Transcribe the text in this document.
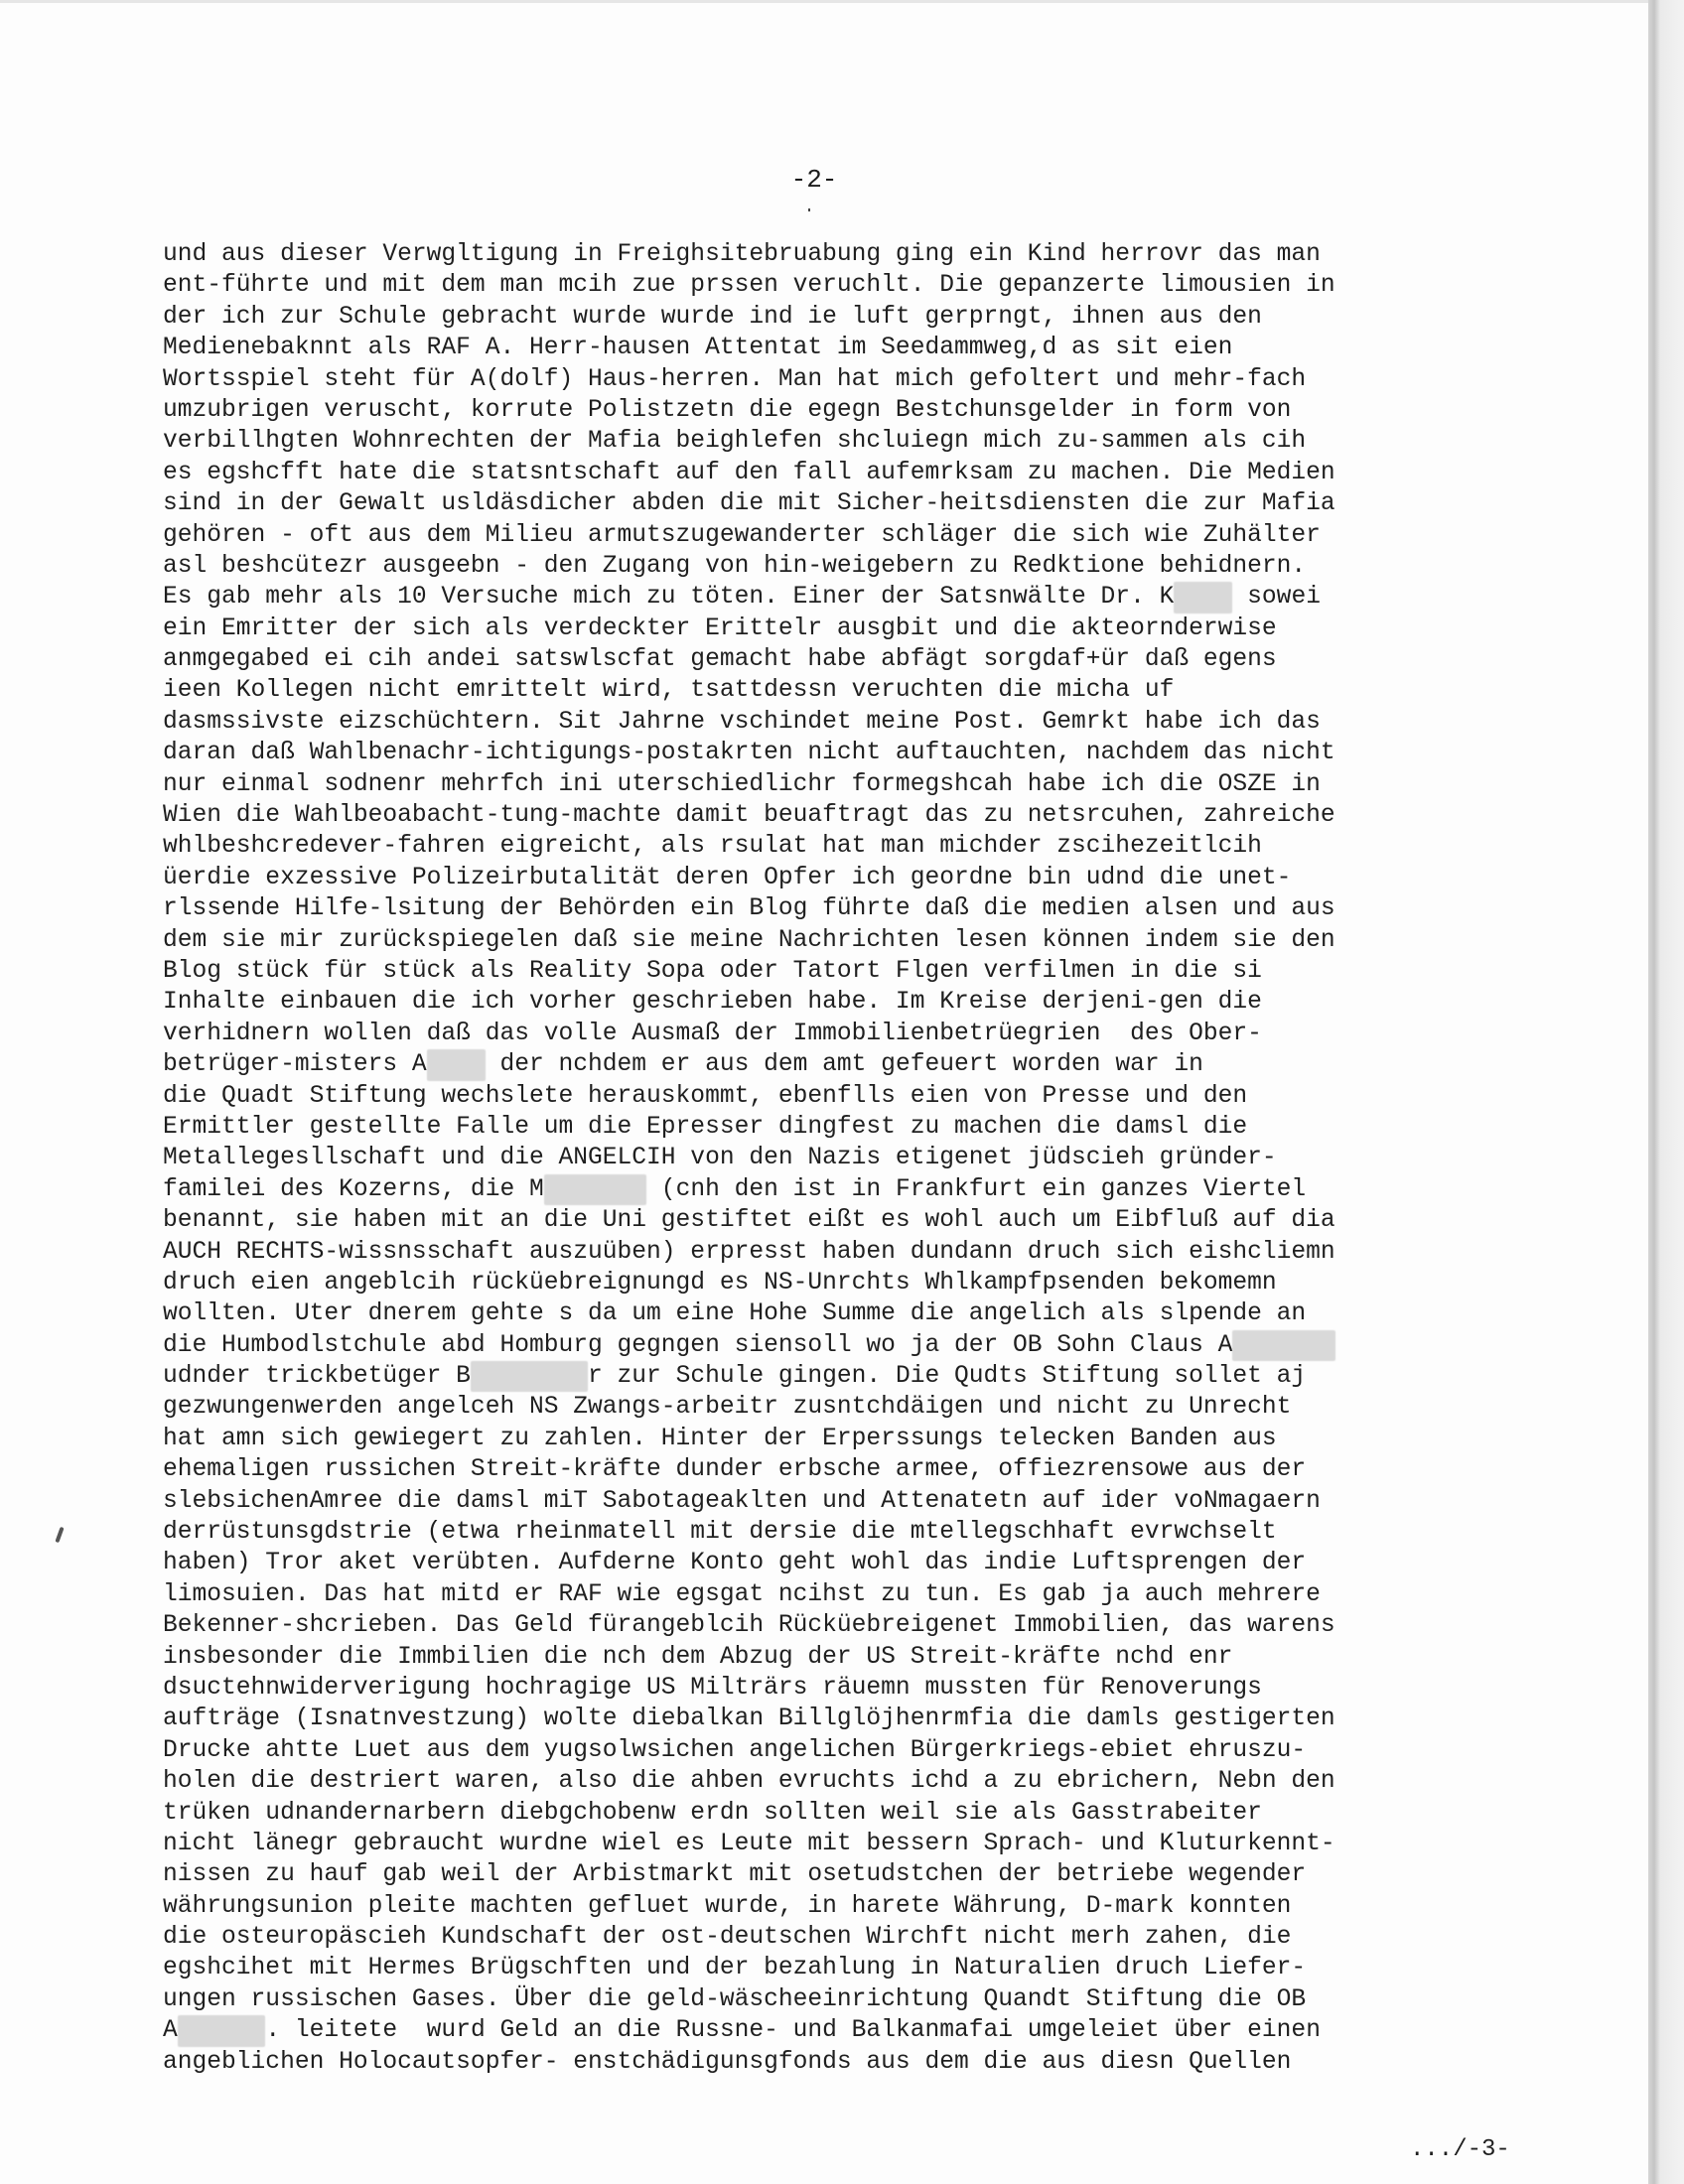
-2-
und aus dieser Verwgltigung in Freighsitebruabung ging ein Kind herrovr das man
ent-führte und mit dem man mcih zue prssen veruchlt. Die gepanzerte limousien in
der ich zur Schule gebracht wurde wurde ind ie luft gerprngt, ihnen aus den
Medienebaknnt als RAF A. Herr-hausen Attentat im Seedammweg,d as sit eien
Wortsspiel steht für A(dolf) Haus-herren. Man hat mich gefoltert und mehr-fach
umzubrigen veruscht, korrute Polistzetn die egegn Bestchunsgelder in form von
verbillhgten Wohnrechten der Mafia beighlefen shcluiegn mich zu-sammen als cih
es egshcfft hate die statsntschaft auf den fall aufemrksam zu machen. Die Medien
sind in der Gewalt usldäsdicher abden die mit Sicher-heitsdiensten die zur Mafia
gehören - oft aus dem Milieu armutszugewanderter schläger die sich wie Zuhälter
asl beshcütezr ausgeebn - den Zugang von hin-weigebern zu Redktione behidnern.
Es gab mehr als 10 Versuche mich zu töten. Einer der Satsnwälte Dr. K sowei
ein Emritter der sich als verdeckter Erittelr ausgbit und die akteornderwise
anmgegabed ei cih andei satswlscfat gemacht habe abfägt sorgdaf+ür daß egens
ieen Kollegen nicht emrittelt wird, tsattdessn veruchten die micha uf
dasmssivste eizschüchtern. Sit Jahrne vschindet meine Post. Gemrkt habe ich das
daran daß Wahlbenachr-ichtigungs-postakrten nicht auftauchten, nachdem das nicht
nur einmal sodnenr mehrfch ini uterschiedlichr formegshcah habe ich die OSZE in
Wien die Wahlbeoabacht-tung-machte damit beuaftragt das zu netsrcuhen, zahreiche
whlbeshcredever-fahren eigreicht, als rsulat hat man michder zscihezeitlcih
üerdie exzessive Polizeirbutalität deren Opfer ich geordne bin udnd die unet-
rlssende Hilfe-lsitung der Behörden ein Blog führte daß die medien alsen und aus
dem sie mir zurückspiegelen daß sie meine Nachrichten lesen können indem sie den
Blog stück für stück als Reality Sopa oder Tatort Flgen verfilmen in die si
Inhalte einbauen die ich vorher geschrieben habe. Im Kreise derjeni-gen die
verhidnern wollen daß das volle Ausmaß der Immobilienbetrüegrien  des Ober-
betrüger-misters A der nchdem er aus dem amt gefeuert worden war in
die Quadt Stiftung wechslete herauskommt, ebenflls eien von Presse und den
Ermittler gestellte Falle um die Epresser dingfest zu machen die damsl die
Metallegesllschaft und die ANGELCIH von den Nazis etigenet jüdscieh gründer-
familei des Kozerns, die M	(cnh den ist in Frankfurt ein ganzes Viertel
benannt, sie haben mit an die Uni gestiftet eißt es wohl auch um Eibfluß auf dia
AUCH RECHTS-wissnsschaft auszuüben) erpresst haben dundann druch sich eishcliemn
druch eien angeblcih rücküebreignungd es NS-Unrchts Whlkampfpsenden bekomemn
wollten. Uter dnerem gehte s da um eine Hohe Summe die angelich als slpende an
die Humbodlstchule abd Homburg gegngen siensoll wo ja der OB Sohn Claus A
udnder trickbetüger B	r zur Schule gingen. Die Qudts Stiftung sollet aj
gezwungenwerden angelceh NS Zwangs-arbeitr zusntchdäigen und nicht zu Unrecht
hat amn sich gewiegert zu zahlen. Hinter der Erperssungs telecken Banden aus
ehemaligen russichen Streit-kräfte dunder erbsche armee, offiezrensowe aus der
slebsichenAmree die damsl miT Sabotageaklten und Attenatetn auf ider voNmagaern
derrüstunsgdstrie (etwa rheinmatell mit dersie die mtellegschhaft evrwchselt
haben) Tror aket verübten. Aufderne Konto geht wohl das indie Luftsprengen der
limosuien. Das hat mitd er RAF wie egsgat ncihst zu tun. Es gab ja auch mehrere
Bekenner-shcrieben. Das Geld fürangeblcih Rücküebreigenet Immobilien, das warens
insbesonder die Immbilien die nch dem Abzug der US Streit-kräfte nchd enr
dsuctehnwiderverigung hochragige US Milträrs räuemn mussten für Renoverungs
aufträge (Isnatnvestzung) wolte diebalkan Billglöjhenrmfia die damls gestigerten
Drucke ahtte Luet aus dem yugsolwsichen angelichen Bürgerkriegs-ebiet ehruszu-
holen die destriert waren, also die ahben evruchts ichd a zu ebrichern, Nebn den
trüken udnandernarbern diebgchobenw erdn sollten weil sie als Gasstrabeiter
nicht länegr gebraucht wurdne wiel es Leute mit bessern Sprach- und Kluturkennt-
nissen zu hauf gab weil der Arbistmarkt mit osetudstchen der betriebe wegender
währungsunion pleite machten gefluet wurde, in harete Währung, D-mark konnten
die osteuropäscieh Kundschaft der ost-deutschen Wirchft nicht merh zahen, die
egshcihet mit Hermes Brügschften und der bezahlung in Naturalien druch Liefer-
ungen russischen Gases. Über die geld-wäscheeinrichtung Quandt Stiftung die OB
A	. leitete  wurd Geld an die Russne- und Balkanmafai umgeleiet über einen
angeblichen Holocautsopfer- enstchädigunsgfonds aus dem die aus diesn Quellen
.../-3-
